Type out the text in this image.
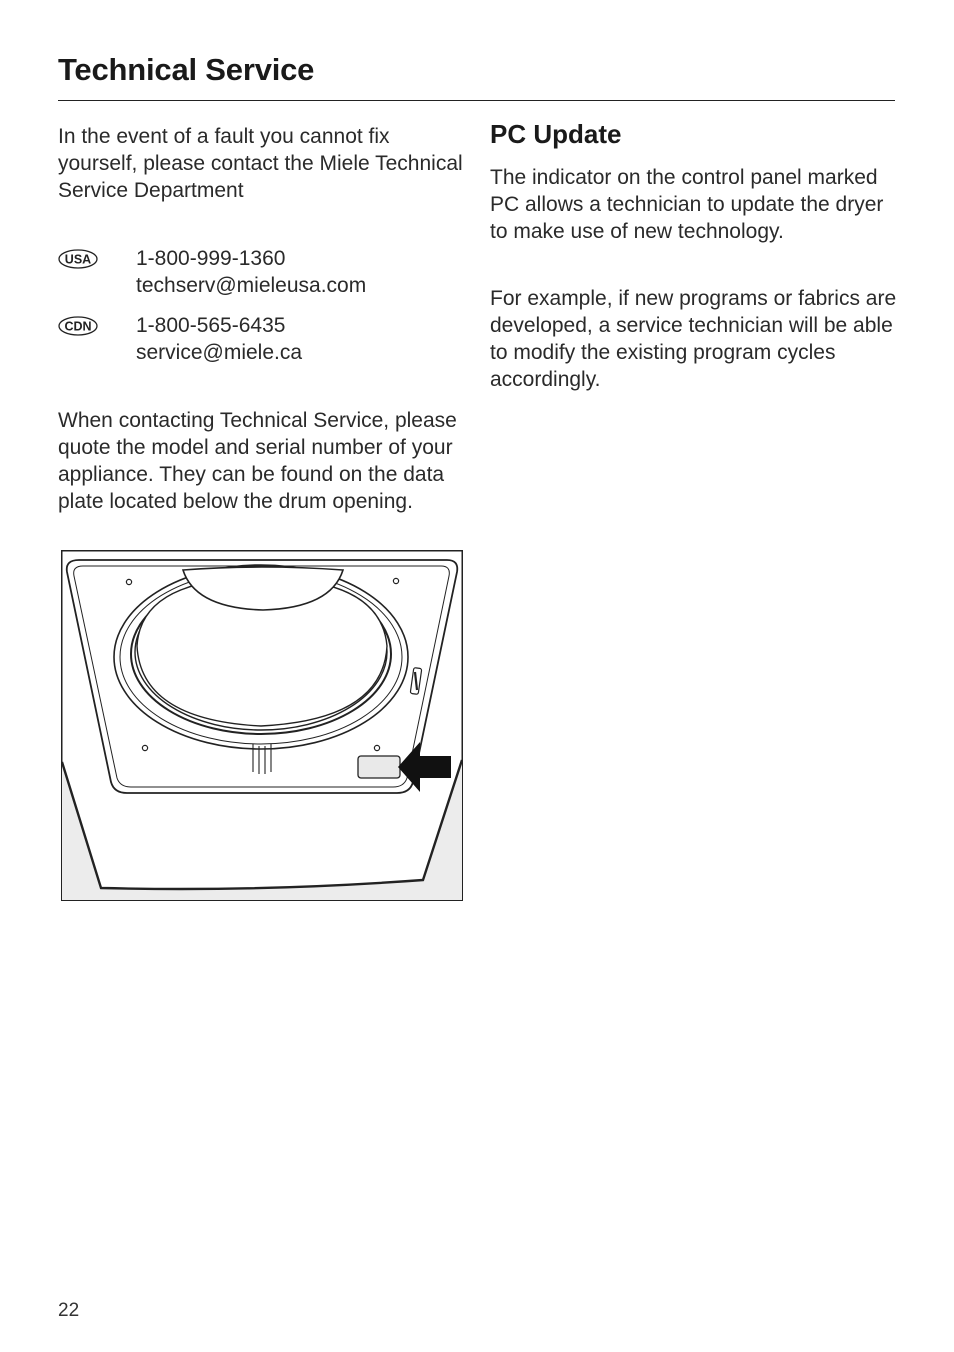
Technical Service

In the event of a fault you cannot fix yourself, please contact the Miele Technical Service Department

USA 1-800-999-1360
techserv@mieleusa.com
CDN 1-800-565-6435
service@miele.ca

When contacting Technical Service, please quote the model and serial number of your appliance. They can be found on the data plate located below the drum opening.

PC Update

The indicator on the control panel marked PC allows a technician to update the dryer to make use of new technology.

For example, if new programs or fabrics are developed, a service technician will be able to modify the existing program cycles accordingly.

22
